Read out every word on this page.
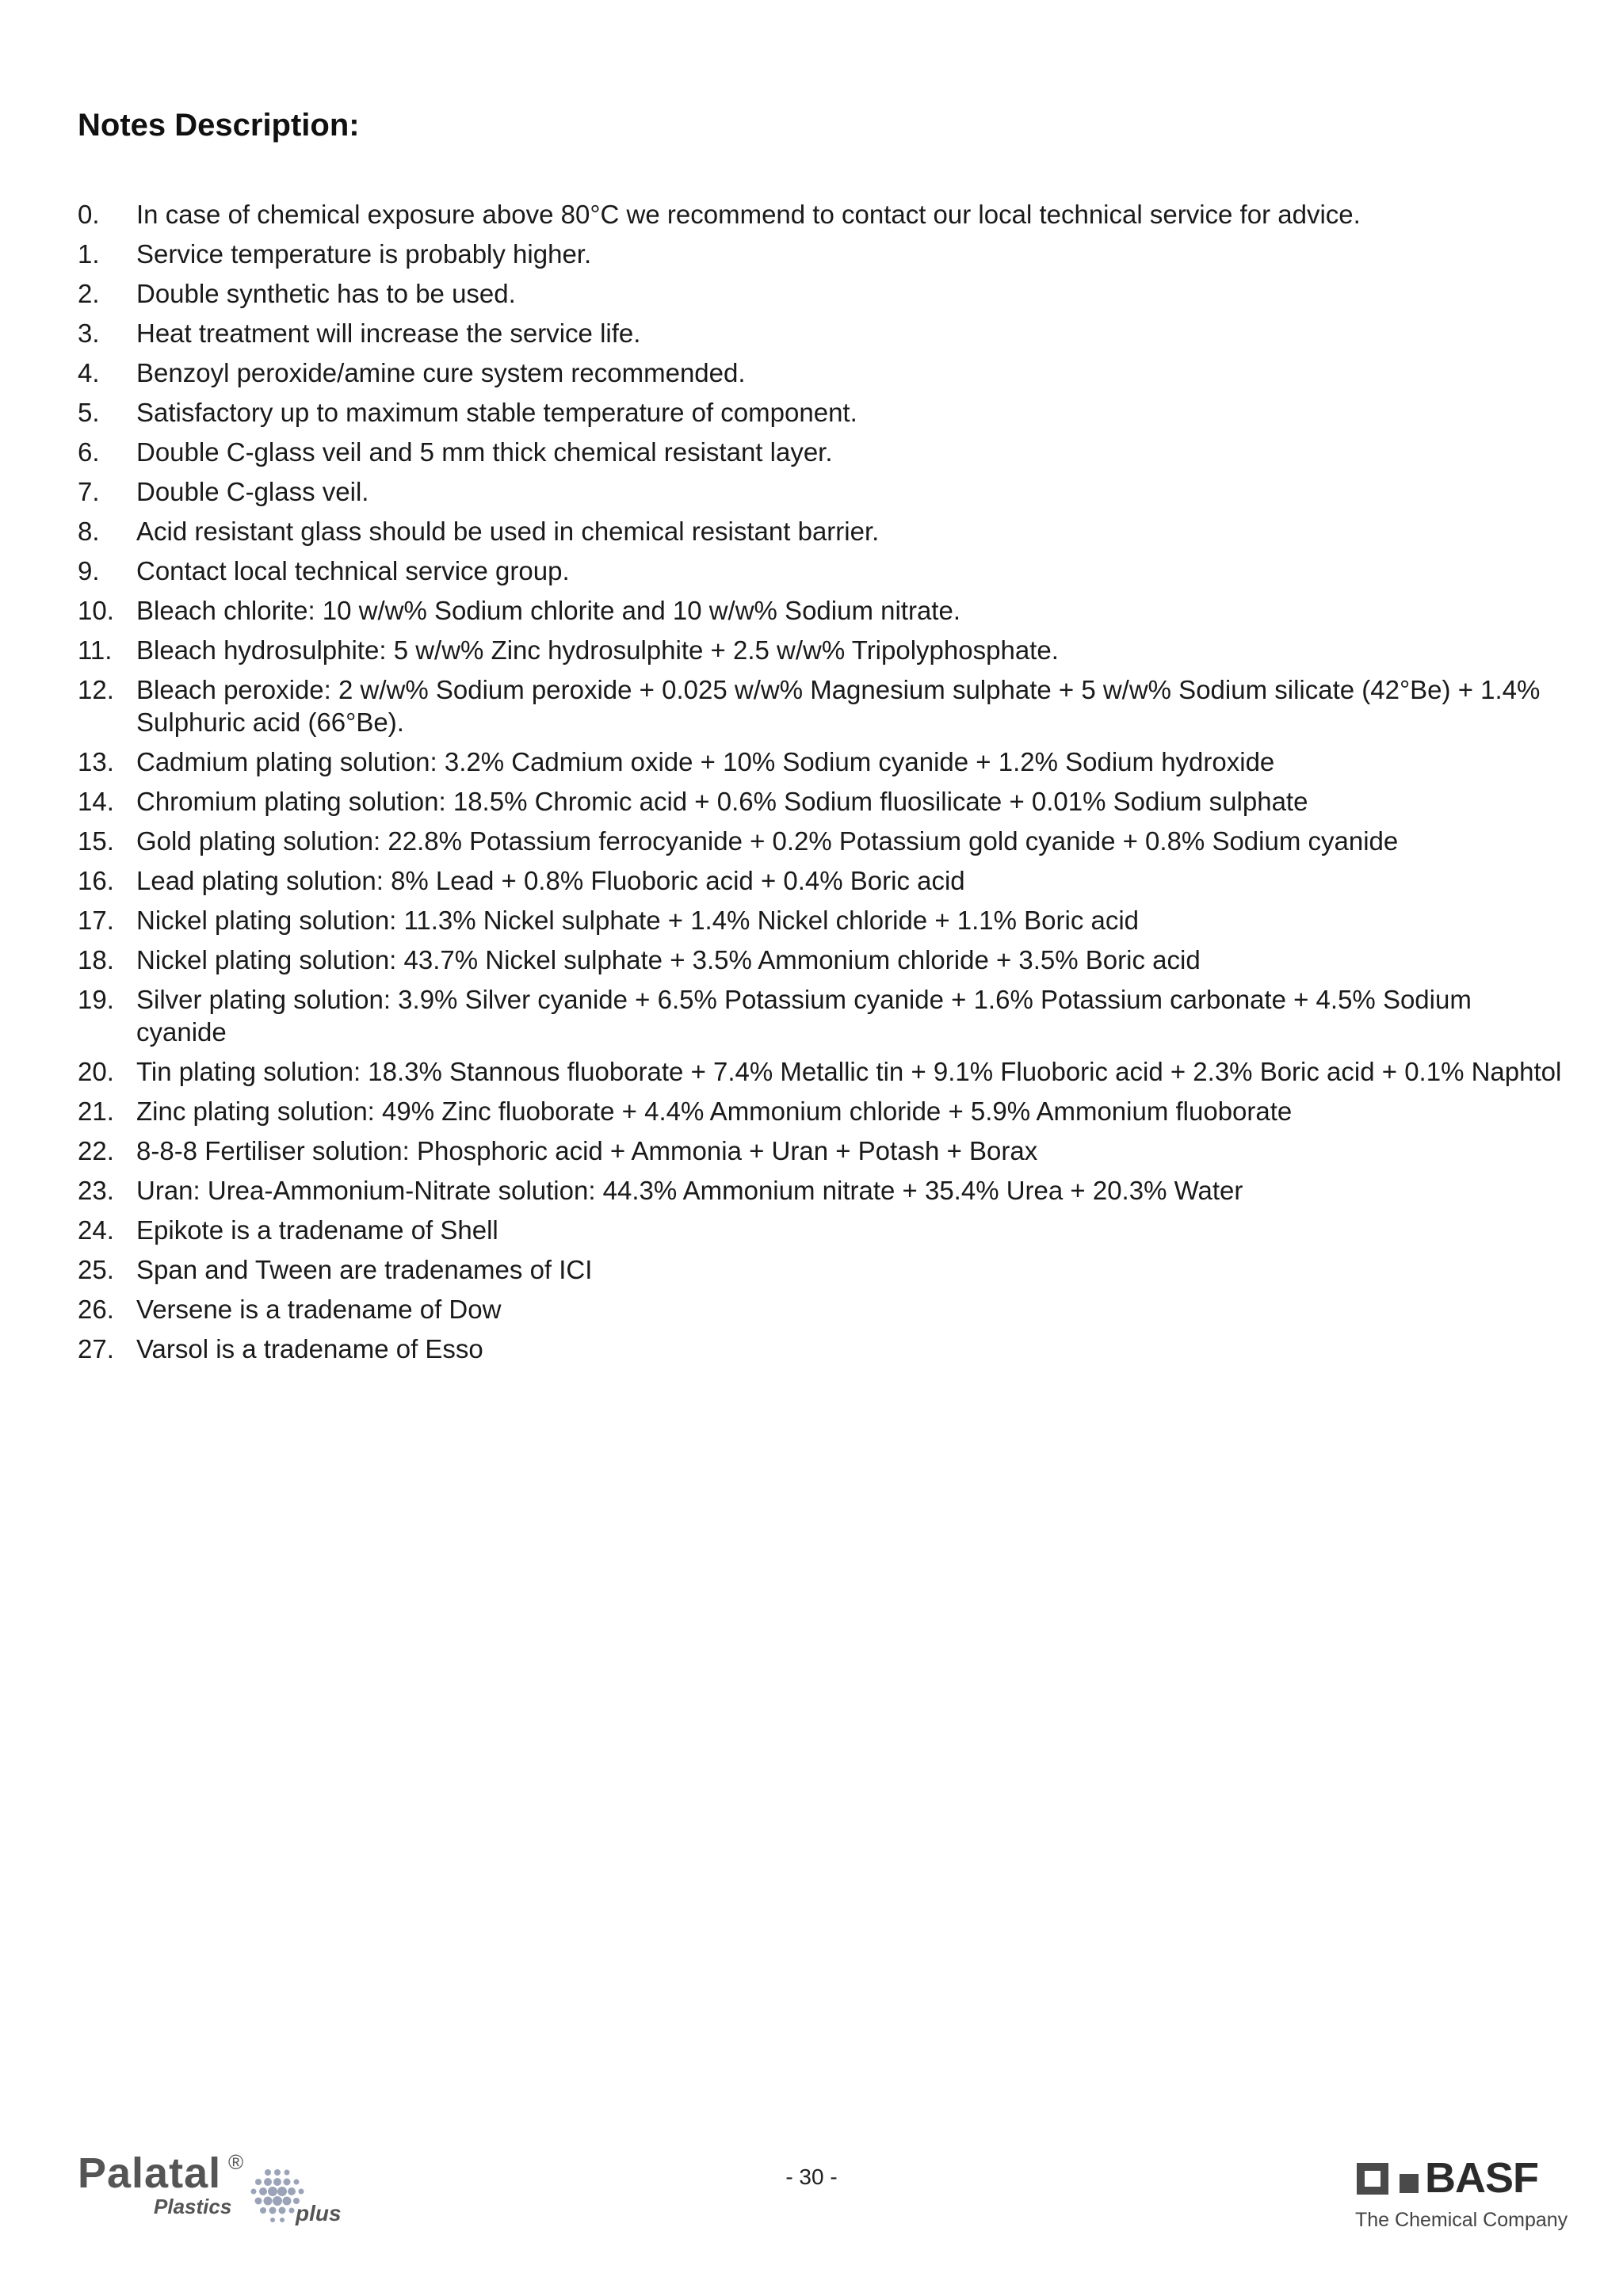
Notes Description:
0.	In case of chemical exposure above 80°C we recommend to contact our local technical service for advice.
1.	Service temperature is probably higher.
2.	Double synthetic has to be used.
3.	Heat treatment will increase the service life.
4.	Benzoyl peroxide/amine cure system recommended.
5.	Satisfactory up to maximum stable temperature of component.
6.	Double C-glass veil and 5 mm thick chemical resistant layer.
7.	Double C-glass veil.
8.	Acid resistant glass should be used in chemical resistant barrier.
9.	Contact local technical service group.
10. Bleach chlorite: 10 w/w% Sodium chlorite and 10 w/w% Sodium nitrate.
11. Bleach hydrosulphite: 5 w/w% Zinc hydrosulphite + 2.5 w/w% Tripolyphosphate.
12. Bleach peroxide: 2 w/w% Sodium peroxide + 0.025 w/w% Magnesium sulphate + 5 w/w% Sodium silicate (42°Be) + 1.4% Sulphuric acid (66°Be).
13. Cadmium plating solution: 3.2% Cadmium oxide + 10% Sodium cyanide + 1.2% Sodium hydroxide
14. Chromium plating solution: 18.5% Chromic acid + 0.6% Sodium fluosilicate + 0.01% Sodium sulphate
15. Gold plating solution: 22.8% Potassium ferrocyanide + 0.2% Potassium gold cyanide + 0.8% Sodium cyanide
16. Lead plating solution: 8% Lead + 0.8% Fluoboric acid + 0.4% Boric acid
17. Nickel plating solution: 11.3% Nickel sulphate + 1.4% Nickel chloride + 1.1% Boric acid
18. Nickel plating solution: 43.7% Nickel sulphate + 3.5% Ammonium chloride + 3.5% Boric acid
19. Silver plating solution: 3.9% Silver cyanide + 6.5% Potassium cyanide + 1.6% Potassium carbonate + 4.5% Sodium cyanide
20. Tin plating solution: 18.3% Stannous fluoborate + 7.4% Metallic tin + 9.1% Fluoboric acid + 2.3% Boric acid + 0.1% Naphtol
21. Zinc plating solution: 49% Zinc fluoborate + 4.4% Ammonium chloride + 5.9% Ammonium fluoborate
22. 8-8-8 Fertiliser solution: Phosphoric acid + Ammonia + Uran + Potash + Borax
23. Uran: Urea-Ammonium-Nitrate solution: 44.3% Ammonium nitrate + 35.4% Urea + 20.3% Water
24. Epikote is a tradename of Shell
25. Span and Tween are tradenames of ICI
26. Versene is a tradename of Dow
27. Varsol is a tradename of Esso
- 30 -
Palatal ®
Plastics	plus
BASF
The Chemical Company
